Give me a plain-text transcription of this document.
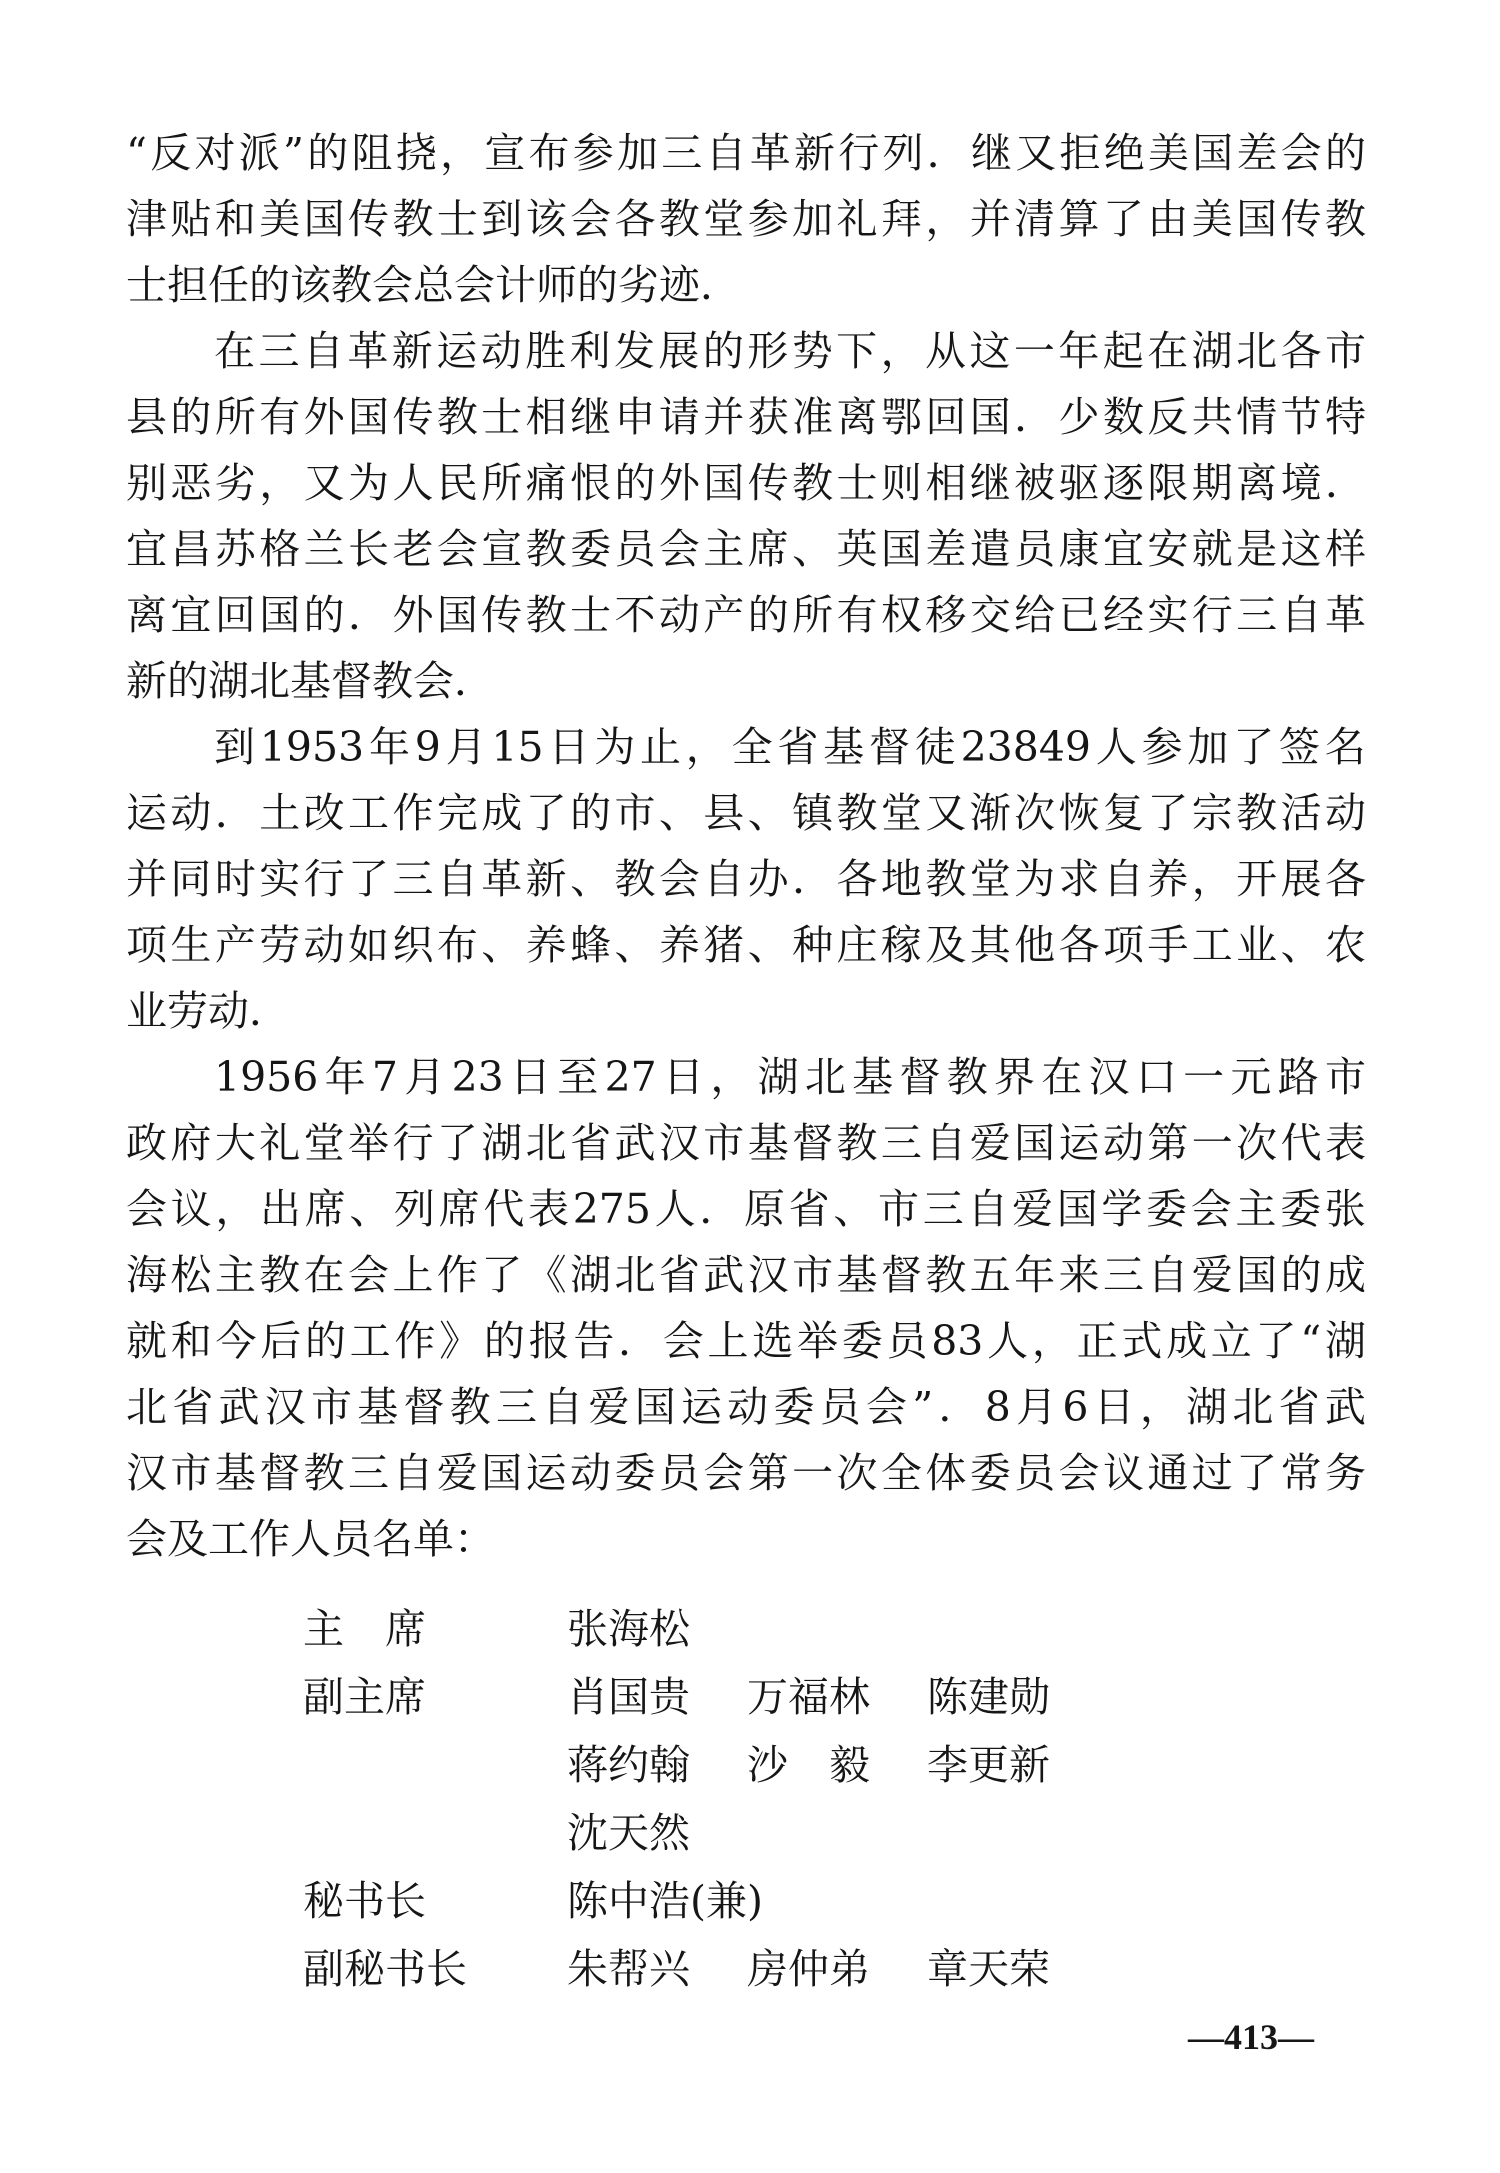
“ 反 对 派 ” 的 阻 挠 ， 宣 布 参 加 三 自 革 新 行 列 ． 继 又 拒 绝 美 国 差 会 的
津 贴 和 美 国 传 教 士 到 该 会 各 教 堂 参 加 礼 拜 ， 并 清 算 了 由 美 国 传 教
士担任的该教会总会计师的劣迹．
在 三 自 革 新 运 动 胜 利 发 展 的 形 势 下 ， 从 这 一 年 起 在 湖 北 各 市
县 的 所 有 外 国 传 教 士 相 继 申 请 并 获 准 离 鄂 回 国 ． 少 数 反 共 情 节 特
别 恶 劣 ， 又 为 人 民 所 痛 恨 的 外 国 传 教 士 则 相 继 被 驱 逐 限 期 离 境 ．
宜 昌 苏 格 兰 长 老 会 宣 教 委 员 会 主 席 、 英 国 差 遣 员 康 宜 安 就 是 这 样
离 宜 回 国 的 ． 外 国 传 教 士 不 动 产 的 所 有 权 移 交 给 已 经 实 行 三 自 革
新的湖北基督教会．
到 1953 年 9 月 15 日 为 止 ， 全 省 基 督 徒 23849 人 参 加 了 签 名
运 动 ． 土 改 工 作 完 成 了 的 市 、 县 、 镇 教 堂 又 渐 次 恢 复 了 宗 教 活 动
并 同 时 实 行 了 三 自 革 新 、 教 会 自 办 ． 各 地 教 堂 为 求 自 养 ， 开 展 各
项 生 产 劳 动 如 织 布 、 养 蜂 、 养 猪 、 种 庄 稼 及 其 他 各 项 手 工 业 、 农
业劳动．
1956 年 7 月 23 日 至 27 日 ， 湖 北 基 督 教 界 在 汉 口 一 元 路 市
政 府 大 礼 堂 举 行 了 湖 北 省 武 汉 市 基 督 教 三 自 爱 国 运 动 第 一 次 代 表
会 议 ， 出 席 、 列 席 代 表 275 人 ． 原 省 、 市 三 自 爱 国 学 委 会 主 委 张
海 松 主 教 在 会 上 作 了 《 湖 北 省 武 汉 市 基 督 教 五 年 来 三 自 爱 国 的 成
就 和 今 后 的 工 作 》 的 报 告 ． 会 上 选 举 委 员 83 人 ， 正 式 成 立 了 “ 湖
北 省 武 汉 市 基 督 教 三 自 爱 国 运 动 委 员 会 ” ． 8 月 6 日 ， 湖 北 省 武
汉 市 基 督 教 三 自 爱 国 运 动 委 员 会 第 一 次 全 体 委 员 会 议 通 过 了 常 务
会及工作人员名单：
主　席	张海松
副主席	肖国贵 万福林 陈建勋
蒋约翰 沙　毅 李更新
沈天然
秘书长	陈中浩(兼)
副秘书长	朱帮兴 房仲弟 章天荣
—413—
